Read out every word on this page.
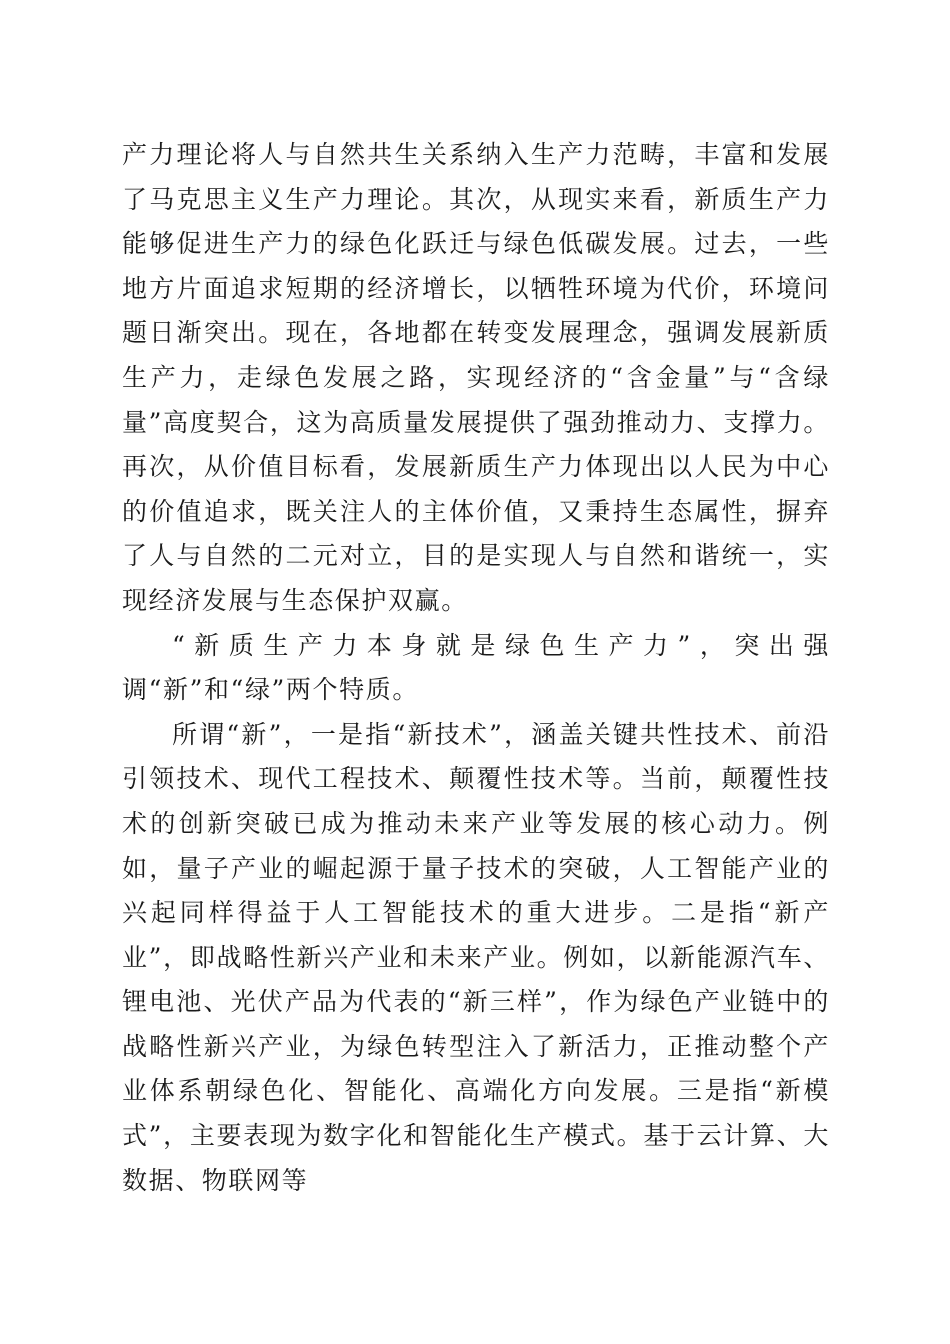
产力理论将人与自然共生关系纳入生产力范畴，丰富和发展了马克思主义生产力理论。其次，从现实来看，新质生产力能够促进生产力的绿色化跃迁与绿色低碳发展。过去，一些地方片面追求短期的经济增长，以牺牲环境为代价，环境问题日渐突出。现在，各地都在转变发展理念，强调发展新质生产力，走绿色发展之路，实现经济的“含金量”与“含绿量”高度契合，这为高质量发展提供了强劲推动力、支撑力。再次，从价值目标看，发展新质生产力体现出以人民为中心的价值追求，既关注人的主体价值，又秉持生态属性，摒弃了人与自然的二元对立，目的是实现人与自然和谐统一，实现经济发展与生态保护双赢。

“新质生产力本身就是绿色生产力”，突出强调“新”和“绿”两个特质。

所谓“新”，一是指“新技术”，涵盖关键共性技术、前沿引领技术、现代工程技术、颠覆性技术等。当前，颠覆性技术的创新突破已成为推动未来产业等发展的核心动力。例如，量子产业的崛起源于量子技术的突破，人工智能产业的兴起同样得益于人工智能技术的重大进步。二是指“新产业”，即战略性新兴产业和未来产业。例如，以新能源汽车、锂电池、光伏产品为代表的“新三样”，作为绿色产业链中的战略性新兴产业，为绿色转型注入了新活力，正推动整个产业体系朝绿色化、智能化、高端化方向发展。三是指“新模式”，主要表现为数字化和智能化生产模式。基于云计算、大数据、物联网等
